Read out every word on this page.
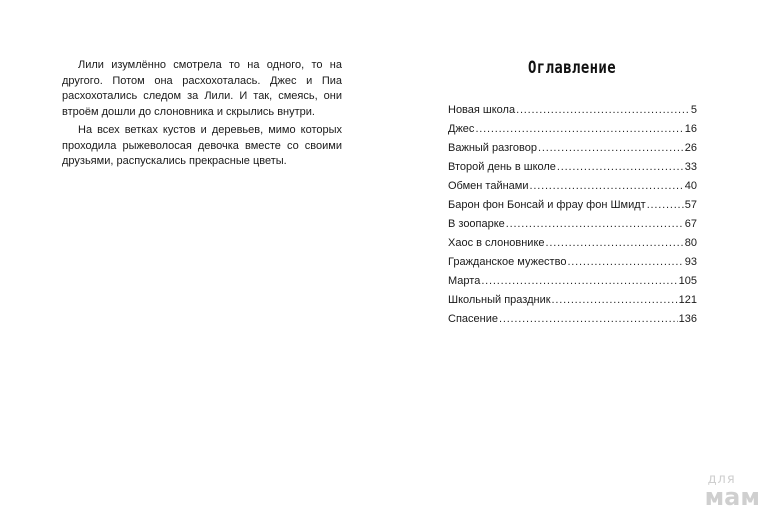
Лили изумлённо смотрела то на одного, то на другого. Потом она расхохоталась. Джес и Пиа расхохотались следом за Лили. И так, смеясь, они втроём дошли до слоновника и скрылись внутри.

На всех ветках кустов и деревьев, мимо которых проходила рыжеволосая девочка вместе со своими друзьями, распускались прекрасные цветы.

Оглавление
Новая школа .....	5
Джес .....	16
Важный разговор .....	26
Второй день в школе .....	33
Обмен тайнами .....	40
Барон фон Бонсай и фрау фон Шмидт .....	57
В зоопарке .....	67
Хаос в слоновнике .....	80
Гражданское мужество .....	93
Марта .....	105
Школьный праздник .....	121
Спасение .....	136
для
мам
